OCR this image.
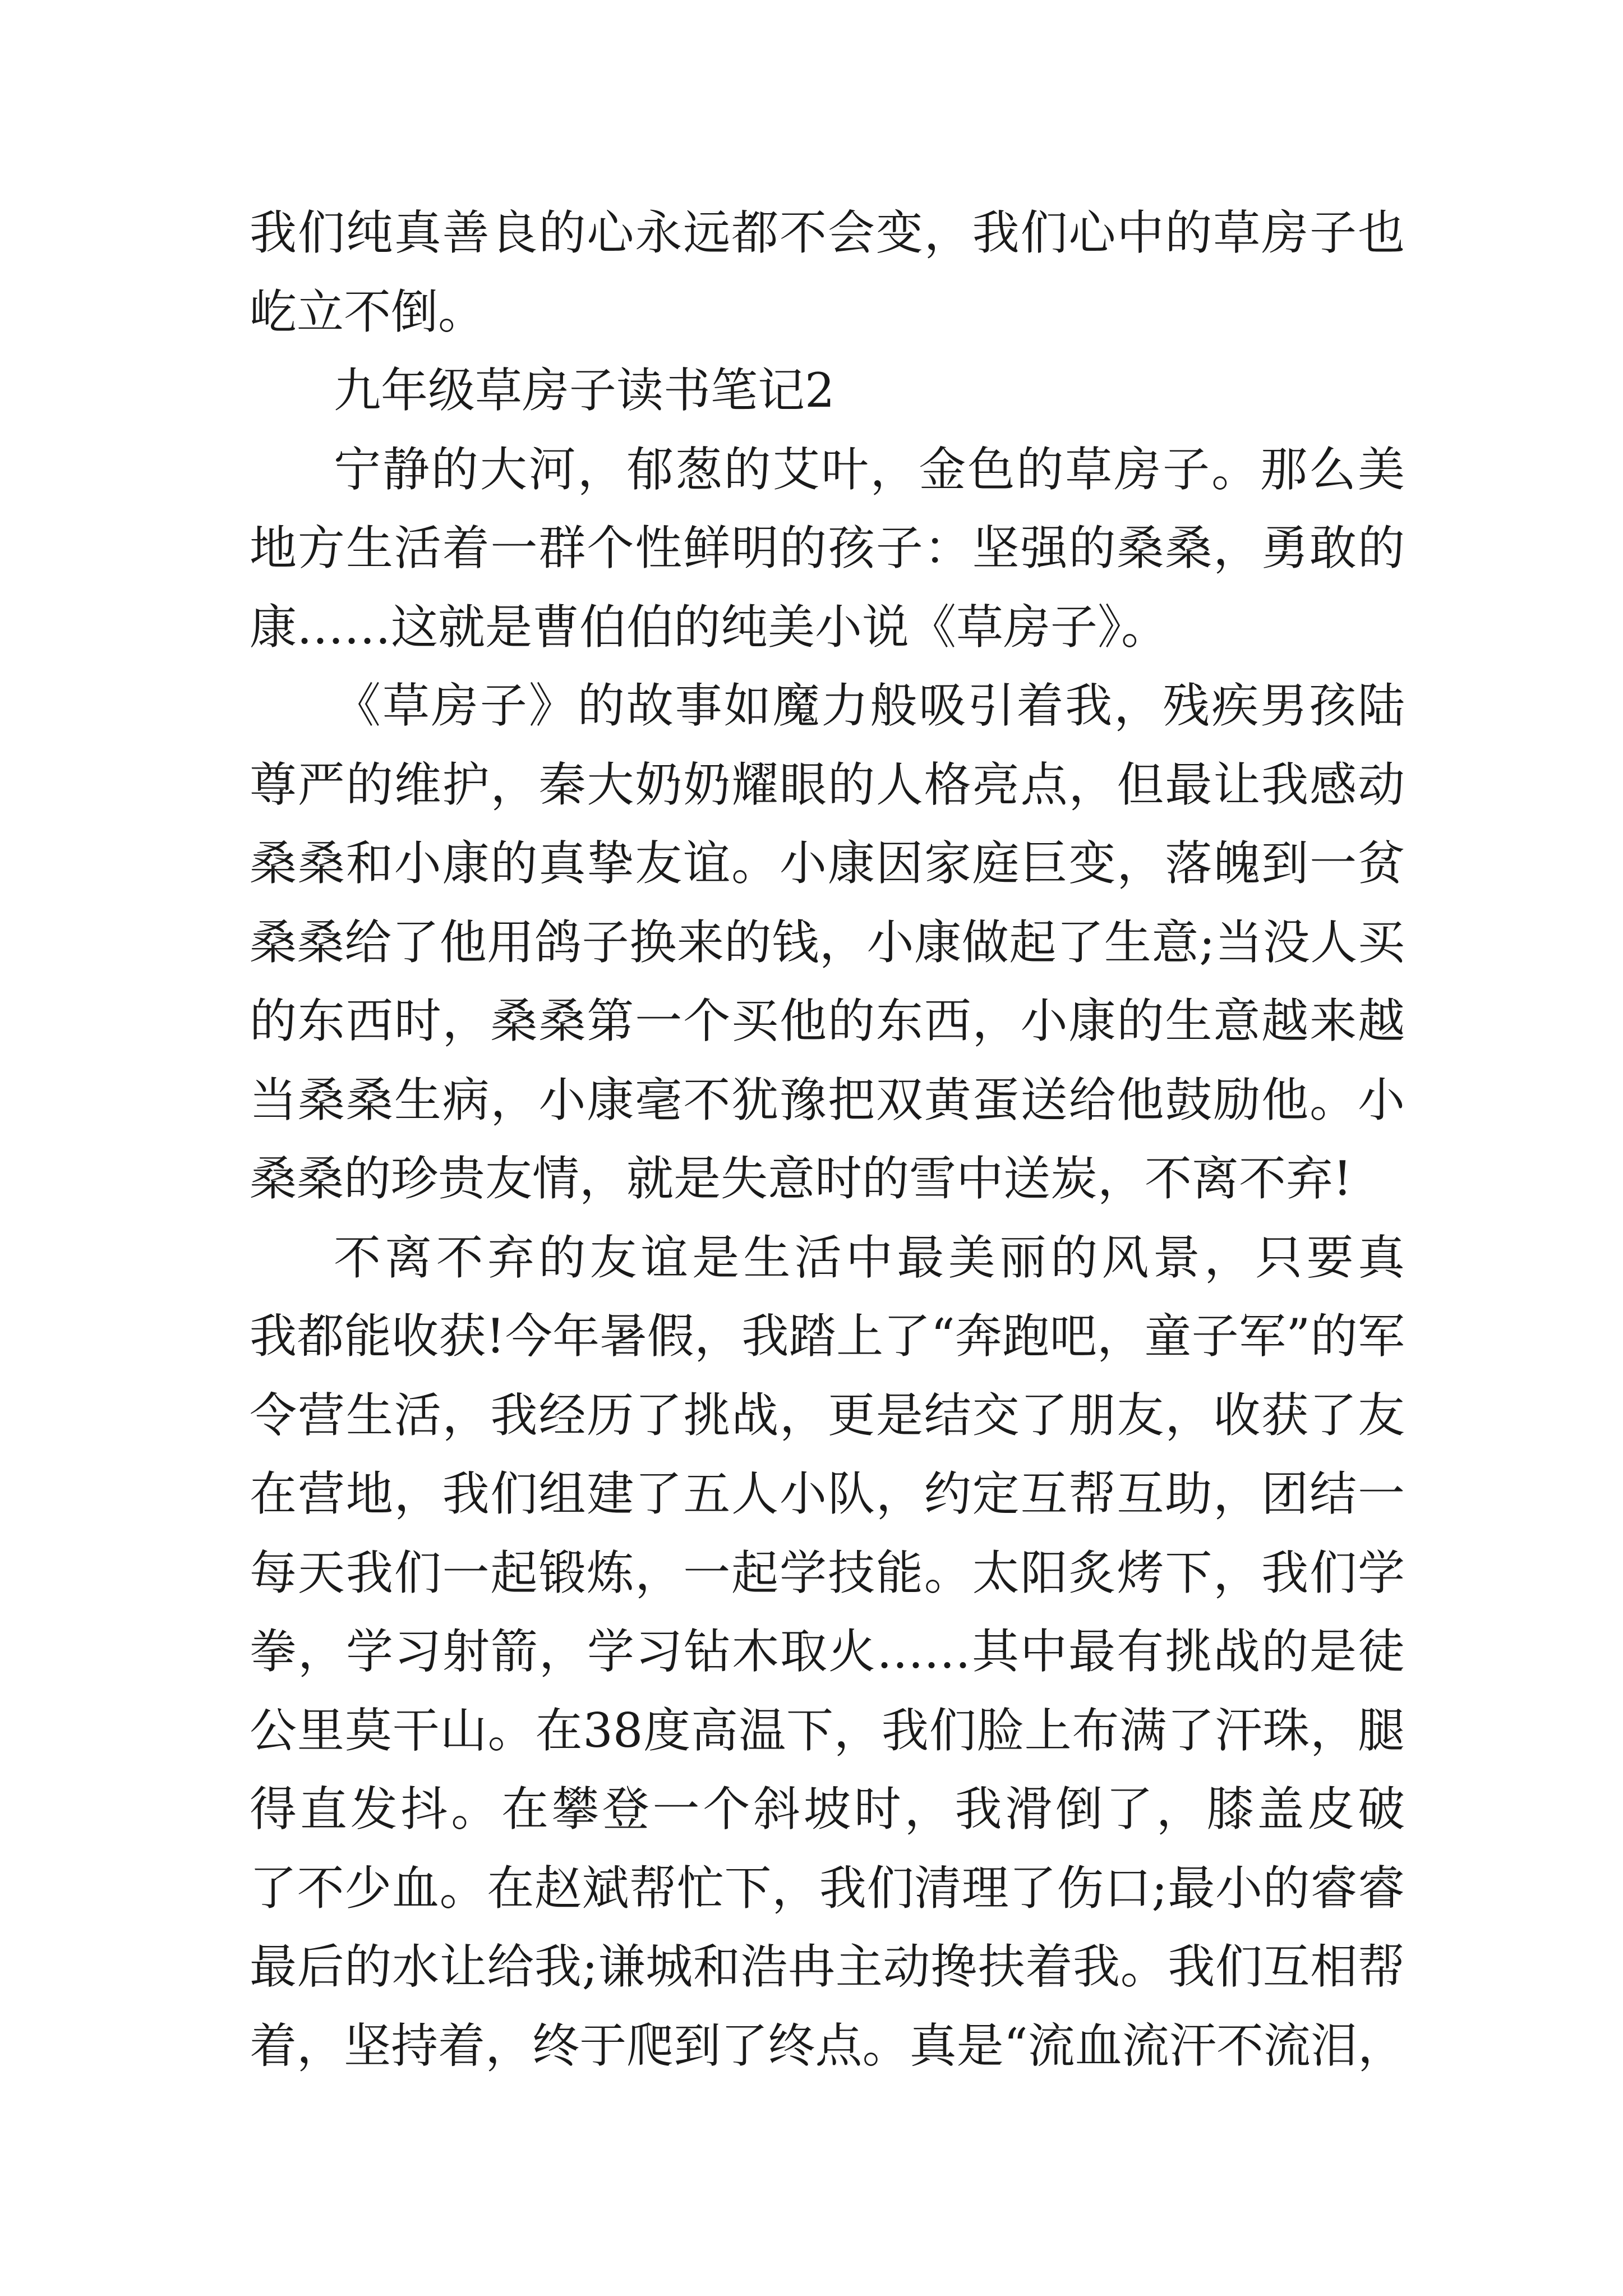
我们纯真善良的心永远都不会变，我们心中的草房子也
屹立不倒。
九年级草房子读书笔记2
宁静的大河，郁葱的艾叶，金色的草房子。那么美
地方生活着一群个性鲜明的孩子：坚强的桑桑，勇敢的
康……这就是曹伯伯的纯美小说《草房子》。
《草房子》的故事如魔力般吸引着我，残疾男孩陆
尊严的维护，秦大奶奶耀眼的人格亮点，但最让我感动
桑桑和小康的真挚友谊。小康因家庭巨变，落魄到一贫
桑桑给了他用鸽子换来的钱，小康做起了生意;当没人买
的东西时，桑桑第一个买他的东西，小康的生意越来越
当桑桑生病，小康毫不犹豫把双黄蛋送给他鼓励他。小
桑桑的珍贵友情，就是失意时的雪中送炭，不离不弃!
不离不弃的友谊是生活中最美丽的风景，只要真
我都能收获!今年暑假，我踏上了“奔跑吧，童子军”的军
令营生活，我经历了挑战，更是结交了朋友，收获了友
在营地，我们组建了五人小队，约定互帮互助，团结一
每天我们一起锻炼，一起学技能。太阳炙烤下，我们学
拳，学习射箭，学习钻木取火……其中最有挑战的是徒
公里莫干山。在38度高温下，我们脸上布满了汗珠，腿
得直发抖。在攀登一个斜坡时，我滑倒了，膝盖皮破
了不少血。在赵斌帮忙下，我们清理了伤口;最小的睿睿
最后的水让给我;谦城和浩冉主动搀扶着我。我们互相帮
着，坚持着，终于爬到了终点。真是“流血流汗不流泪，
